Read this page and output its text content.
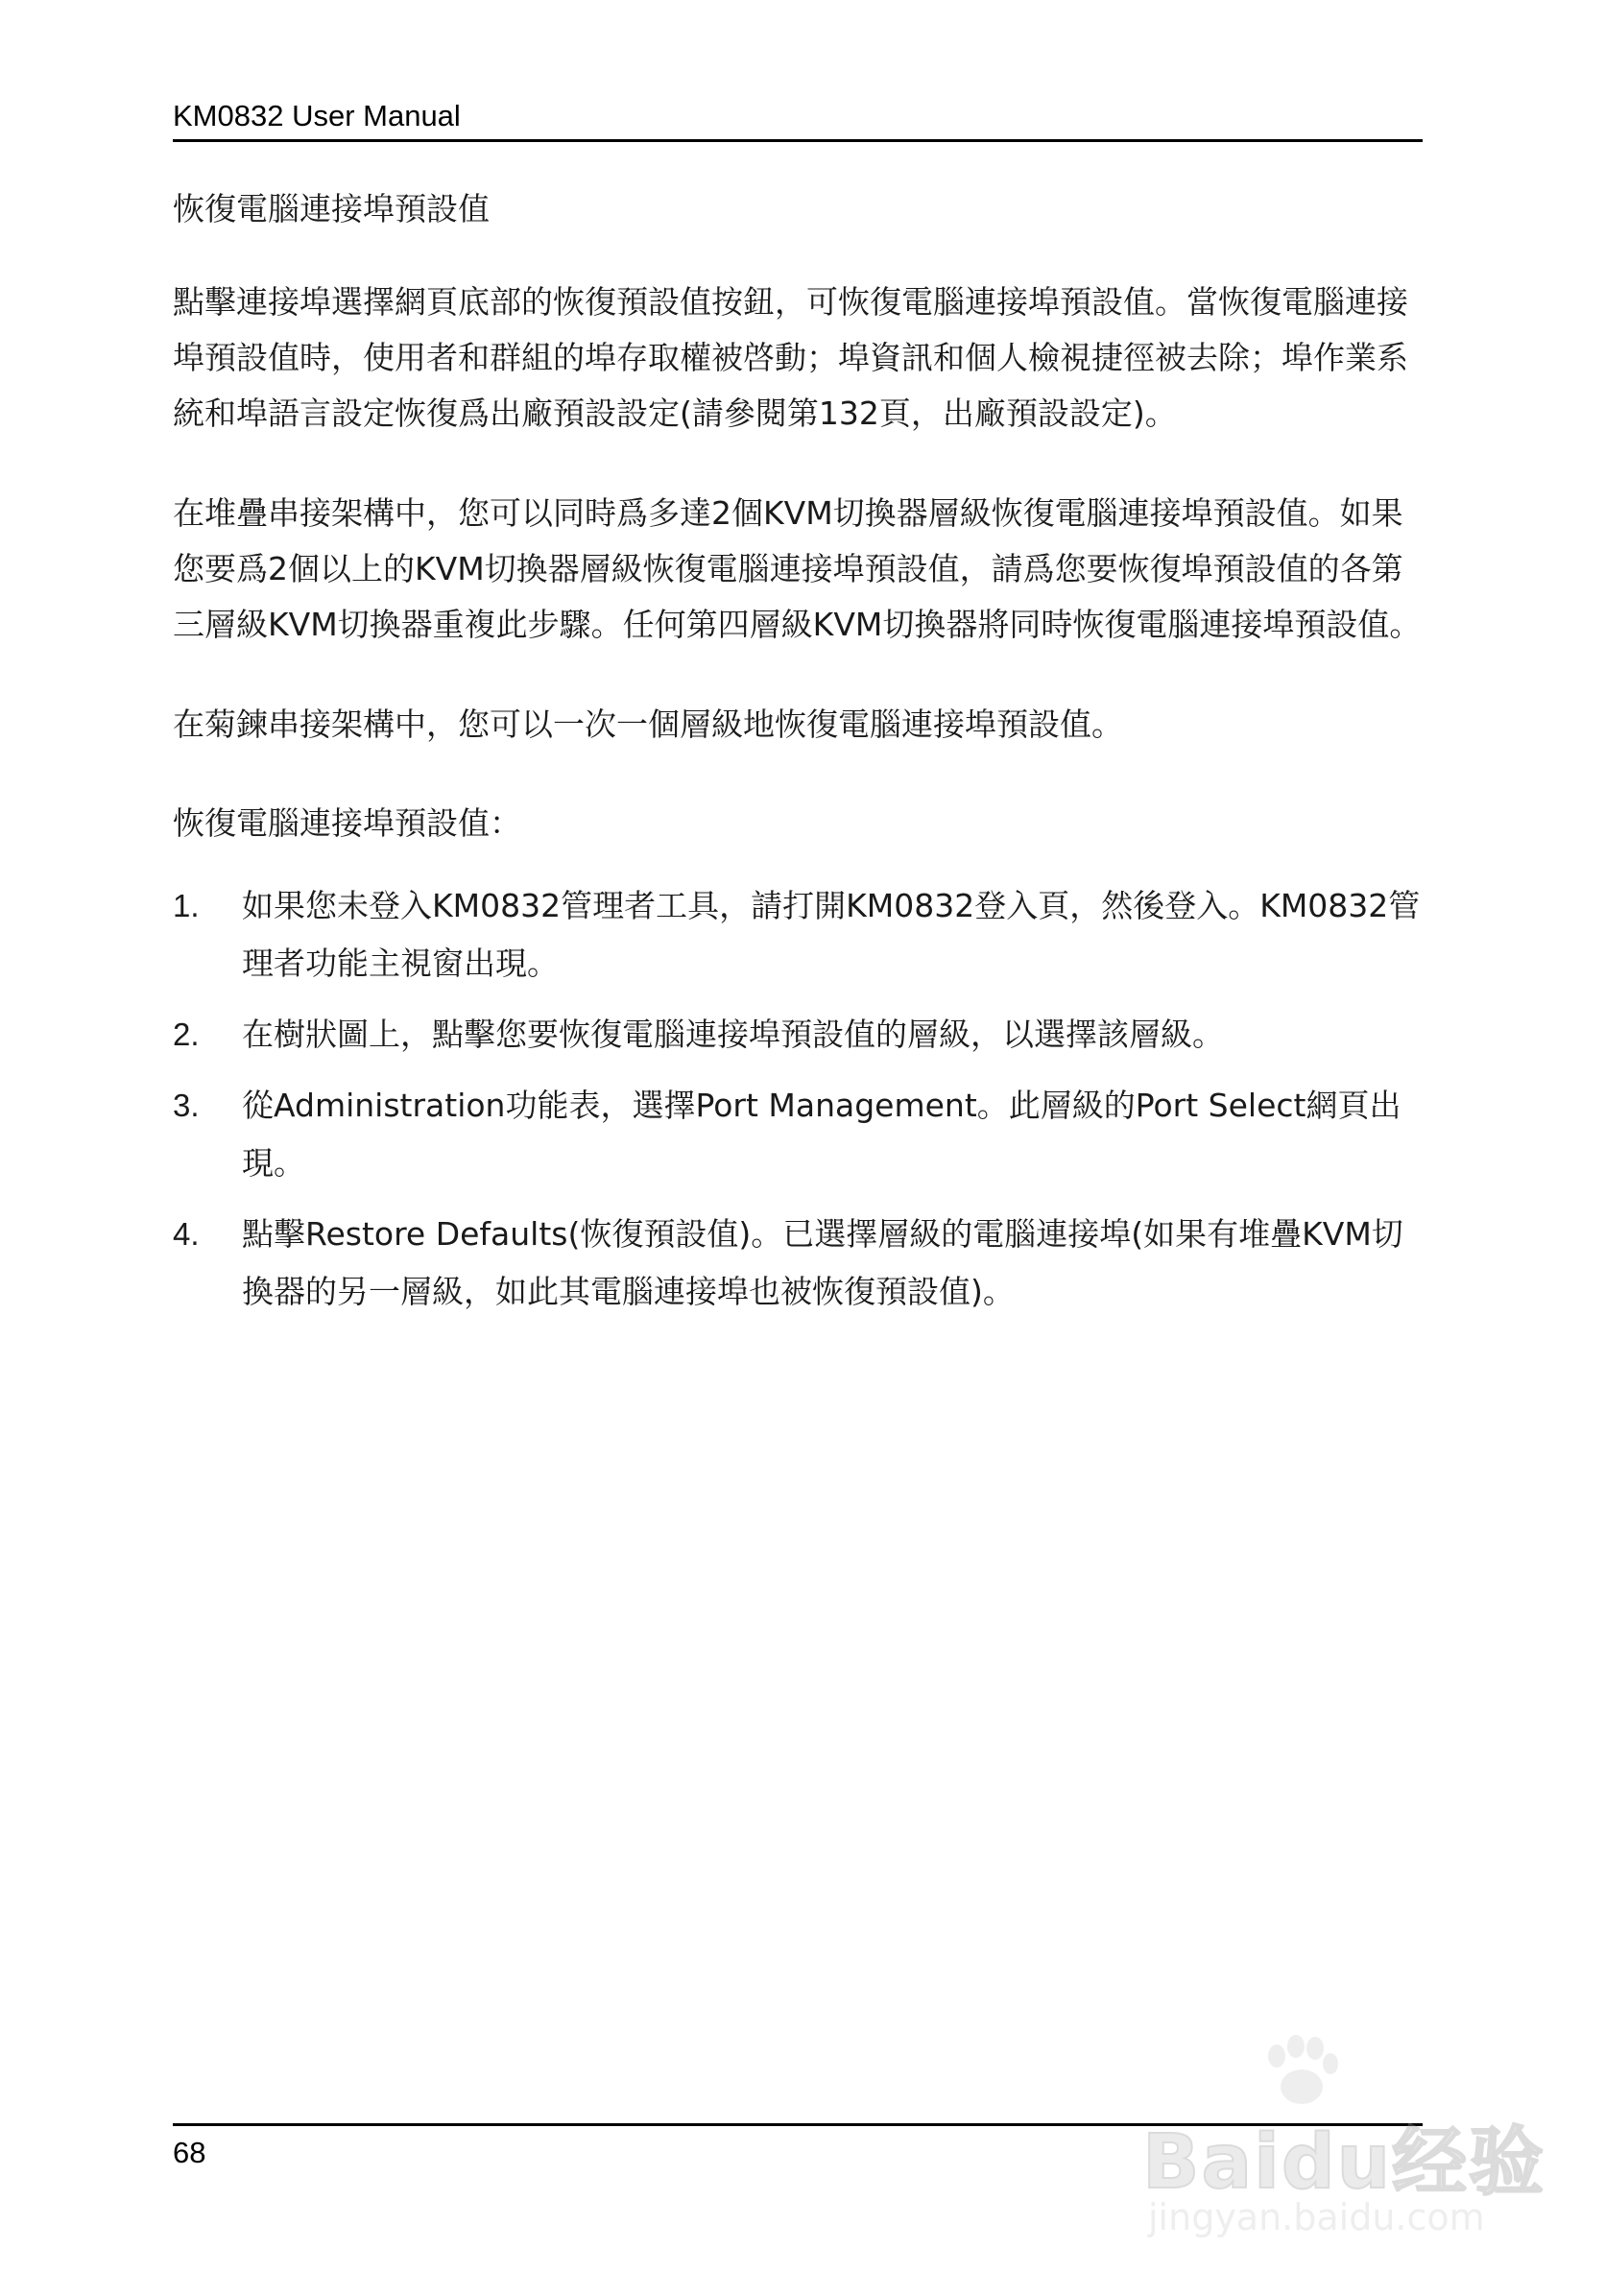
KM0832 User Manual
恢復電腦連接埠預設值

點擊連接埠選擇網頁底部的恢復預設值按鈕，可恢復電腦連接埠預設值。當恢復電腦連接埠預設值時，使用者和群組的埠存取權被啓動；埠資訊和個人檢視捷徑被去除；埠作業系統和埠語言設定恢復爲出廠預設設定(請參閱第132頁，出廠預設設定)。

在堆疊串接架構中，您可以同時爲多達2個KVM切換器層級恢復電腦連接埠預設值。如果您要爲2個以上的KVM切換器層級恢復電腦連接埠預設值，請爲您要恢復埠預設值的各第三層級KVM切換器重複此步驟。任何第四層級KVM切換器將同時恢復電腦連接埠預設值。

在菊鍊串接架構中，您可以一次一個層級地恢復電腦連接埠預設值。

恢復電腦連接埠預設值：

1. 如果您未登入KM0832管理者工具，請打開KM0832登入頁，然後登入。KM0832管理者功能主視窗出現。
2. 在樹狀圖上，點擊您要恢復電腦連接埠預設值的層級，以選擇該層級。
3. 從Administration功能表，選擇Port Management。此層級的Port Select網頁出現。
4. 點擊Restore Defaults(恢復預設值)。已選擇層級的電腦連接埠(如果有堆疊KVM切換器的另一層級，如此其電腦連接埠也被恢復預設值)。
68	Baidu经验
jingyan.baidu.com
